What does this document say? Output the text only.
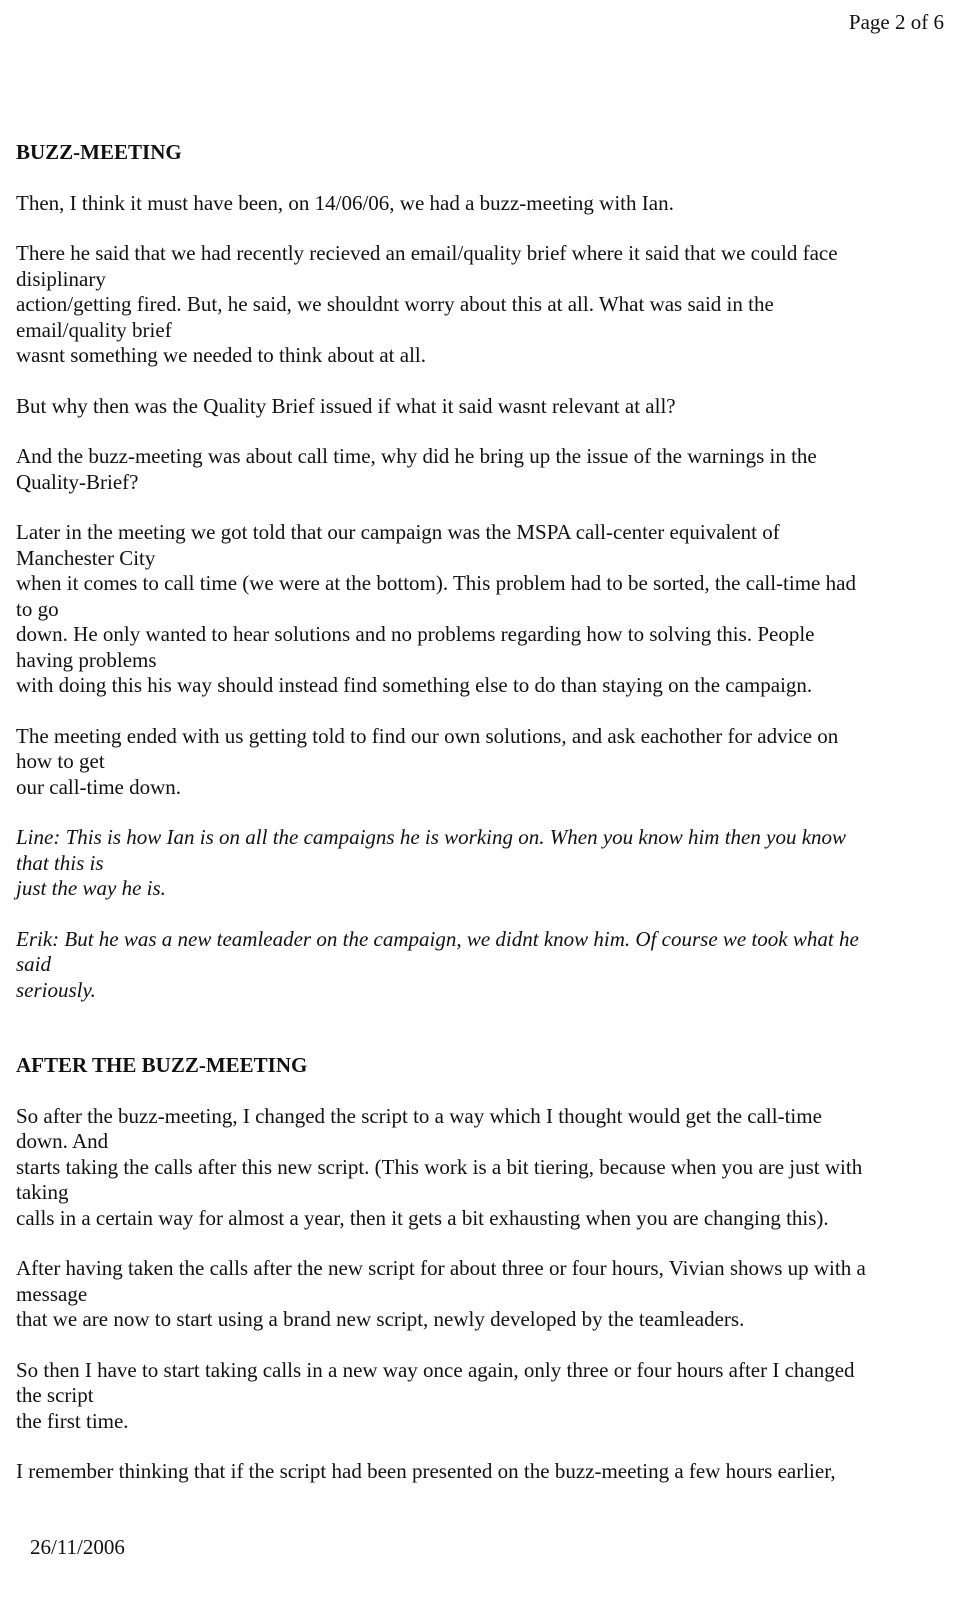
Page 2 of 6
BUZZ-MEETING
Then, I think it must have been, on 14/06/06, we had a buzz-meeting with Ian.
There he said that we had recently recieved an email/quality brief where it said that we could face
disiplinary
action/getting fired. But, he said, we shouldnt worry about this at all. What was said in the
email/quality brief
wasnt something we needed to think about at all.
But why then was the Quality Brief issued if what it said wasnt relevant at all?
And the buzz-meeting was about call time, why did he bring up the issue of the warnings in the
Quality-Brief?
Later in the meeting we got told that our campaign was the MSPA call-center equivalent of
Manchester City
when it comes to call time (we were at the bottom). This problem had to be sorted, the call-time had
to go
down. He only wanted to hear solutions and no problems regarding how to solving this. People
having problems
with doing this his way should instead find something else to do than staying on the campaign.
The meeting ended with us getting told to find our own solutions, and ask eachother for advice on
how to get
our call-time down.
Line: This is how Ian is on all the campaigns he is working on. When you know him then you know
that this is
just the way he is.
Erik: But he was a new teamleader on the campaign, we didnt know him. Of course we took what he
said
seriously.
AFTER THE BUZZ-MEETING
So after the buzz-meeting, I changed the script to a way which I thought would get the call-time
down. And
starts taking the calls after this new script. (This work is a bit tiering, because when you are just with
taking
calls in a certain way for almost a year, then it gets a bit exhausting when you are changing this).
After having taken the calls after the new script for about three or four hours, Vivian shows up with a
message
that we are now to start using a brand new script, newly developed by the teamleaders.
So then I have to start taking calls in a new way once again, only three or four hours after I changed
the script
the first time.
I remember thinking that if the script had been presented on the buzz-meeting a few hours earlier,
26/11/2006
